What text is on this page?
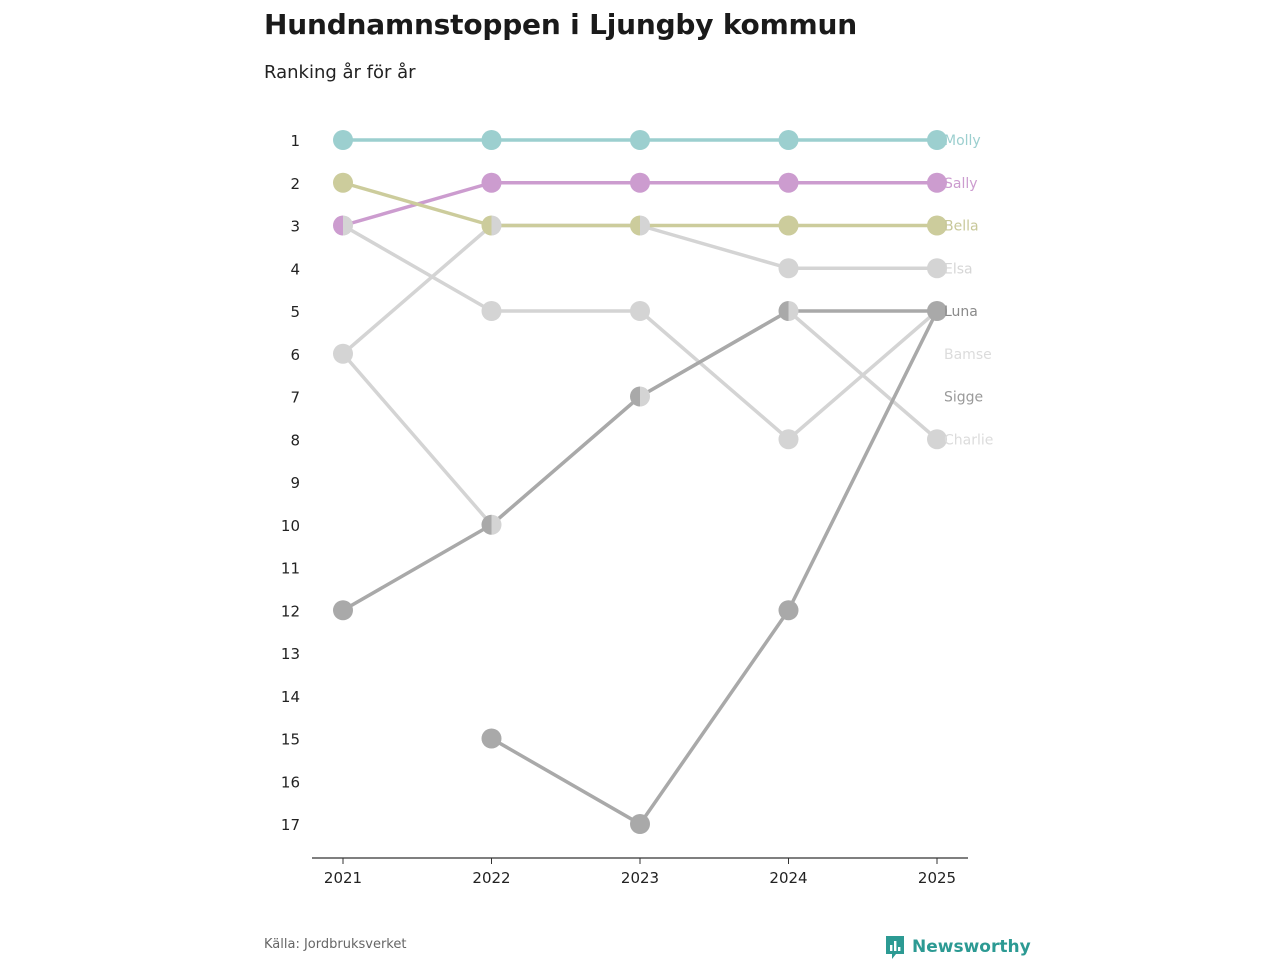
Hundnamnstoppen i Ljungby kommun
Ranking år för år
1
2
3
4
5
6
7
8
9
10
11
12
13
14
15
16
17
Molly
Sally
Bella
Elsa
Luna
Bamse
Sigge
Charlie
2021	2022	2023	2024	2025
Källa: Jordbruksverket	Newsworthy
